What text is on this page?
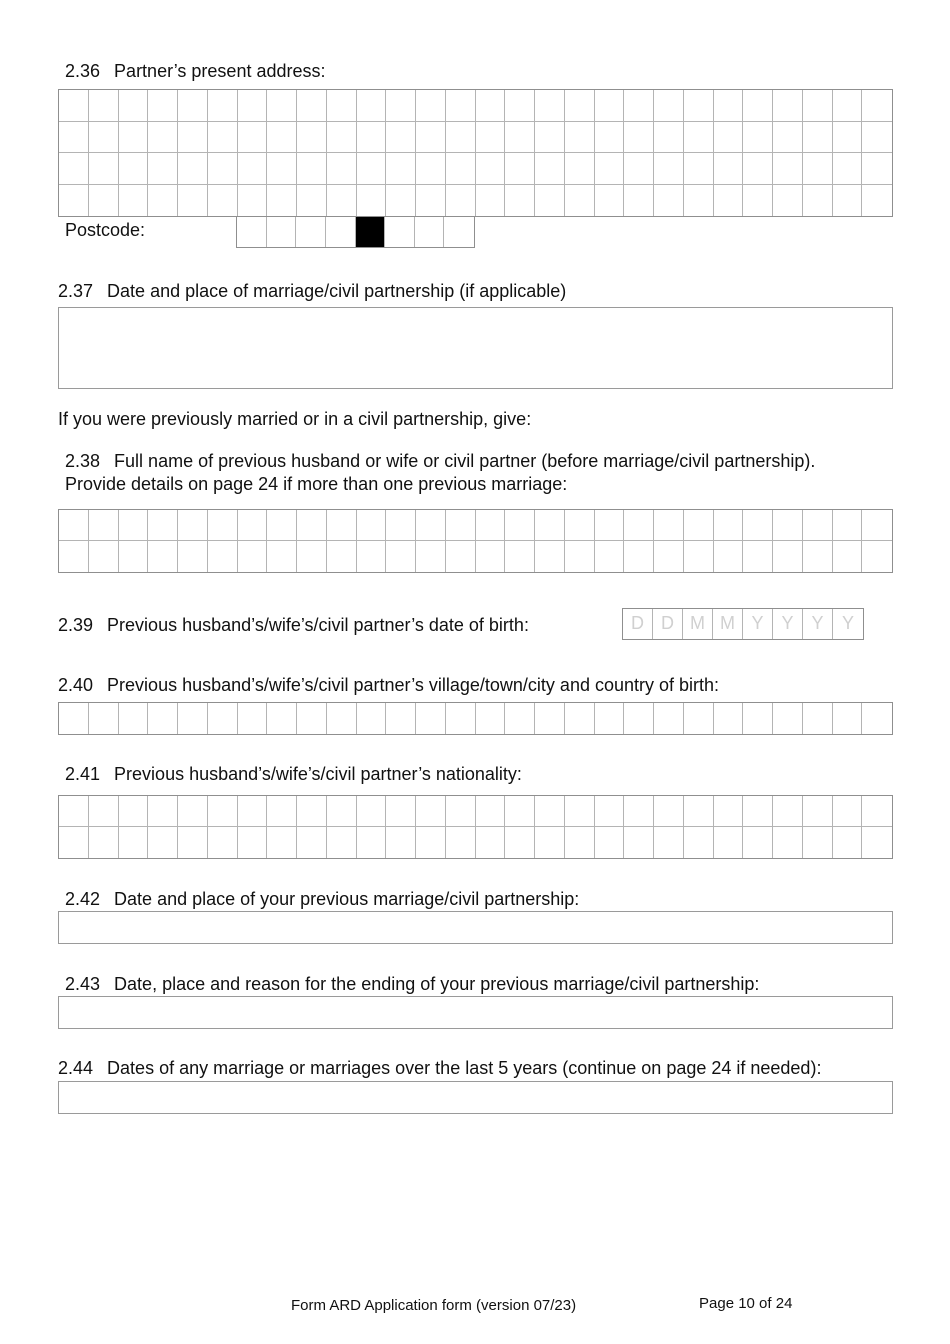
2.36 Partner’s present address:
Postcode:
2.37 Date and place of marriage/civil partnership (if applicable)
If you were previously married or in a civil partnership, give:
2.38 Full name of previous husband or wife or civil partner (before marriage/civil partnership).
Provide details on page 24 if more than one previous marriage:
2.39 Previous husband’s/wife’s/civil partner’s date of birth:	D D M M Y Y Y	Y
2.40 Previous husband’s/wife’s/civil partner’s village/town/city and country of birth:
2.41 Previous husband’s/wife’s/civil partner’s nationality:
2.42 Date and place of your previous marriage/civil partnership:
2.43 Date, place and reason for the ending of your previous marriage/civil partnership:
2.44 Dates of any marriage or marriages over the last 5 years (continue on page 24 if needed):
Form ARD Application form (version 07/23)	Page 10 of 24
